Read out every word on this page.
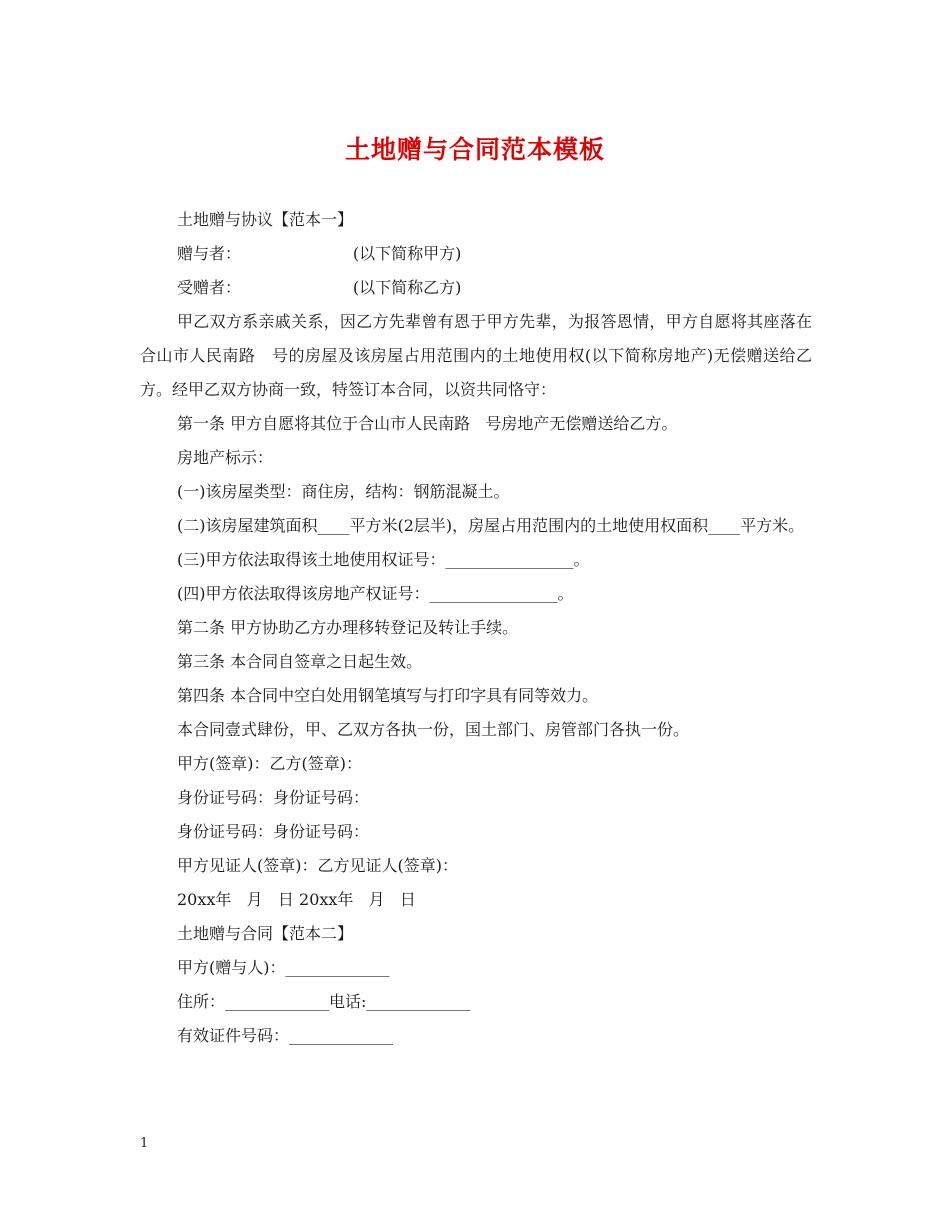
土地赠与合同范本模板

土地赠与协议【范本一】

赠与者：                      (以下简称甲方)

受赠者：                      (以下简称乙方)

甲乙双方系亲戚关系，因乙方先辈曾有恩于甲方先辈，为报答恩情，甲方自愿将其座落在合山市人民南路   号的房屋及该房屋占用范围内的土地使用权(以下简称房地产)无偿赠送给乙方。经甲乙双方协商一致，特签订本合同，以资共同恪守：

第一条 甲方自愿将其位于合山市人民南路   号房地产无偿赠送给乙方。

房地产标示：

(一)该房屋类型：商住房，结构：钢筋混凝土。

(二)该房屋建筑面积____平方米(2层半)，房屋占用范围内的土地使用权面积____平方米。

(三)甲方依法取得该土地使用权证号：________________。

(四)甲方依法取得该房地产权证号：________________。

第二条 甲方协助乙方办理移转登记及转让手续。

第三条 本合同自签章之日起生效。

第四条 本合同中空白处用钢笔填写与打印字具有同等效力。

本合同壹式肆份，甲、乙双方各执一份，国土部门、房管部门各执一份。

甲方(签章)：乙方(签章)：

身份证号码：身份证号码：

身份证号码：身份证号码：

甲方见证人(签章)：乙方见证人(签章)：

20xx年   月   日 20xx年   月   日

土地赠与合同【范本二】

甲方(赠与人)：_____________

住所：_____________电话:_____________

有效证件号码：_____________

1
